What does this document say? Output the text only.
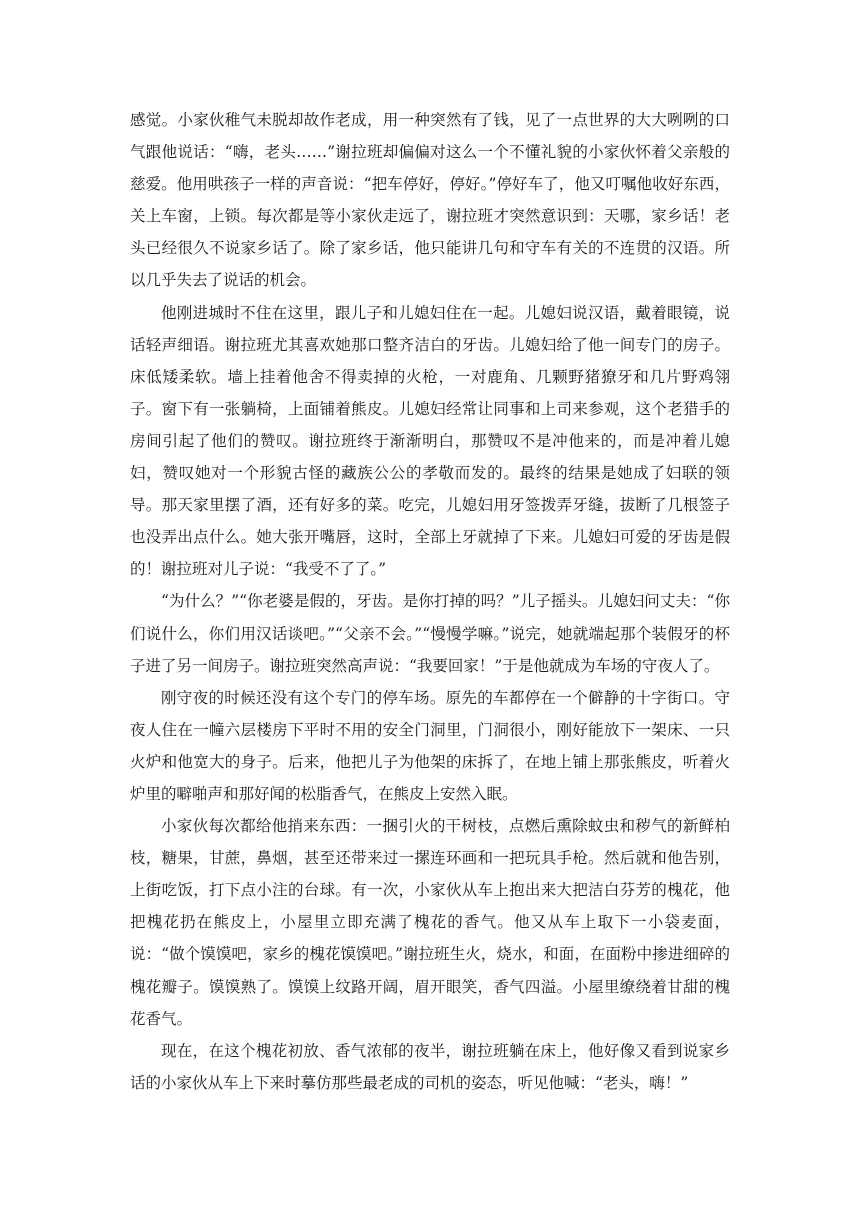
感觉。小家伙稚气未脱却故作老成，用一种突然有了钱，见了一点世界的大大咧咧的口气跟他说话：“嗨，老头……”谢拉班却偏偏对这么一个不懂礼貌的小家伙怀着父亲般的慈爱。他用哄孩子一样的声音说：“把车停好，停好。”停好车了，他又叮嘱他收好东西，关上车窗，上锁。每次都是等小家伙走远了，谢拉班才突然意识到：天哪，家乡话！老头已经很久不说家乡话了。除了家乡话，他只能讲几句和守车有关的不连贯的汉语。所以几乎失去了说话的机会。

他刚进城时不住在这里，跟儿子和儿媳妇住在一起。儿媳妇说汉语，戴着眼镜，说话轻声细语。谢拉班尤其喜欢她那口整齐洁白的牙齿。儿媳妇给了他一间专门的房子。床低矮柔软。墙上挂着他舍不得卖掉的火枪，一对鹿角、几颗野猪獠牙和几片野鸡翎子。窗下有一张躺椅，上面铺着熊皮。儿媳妇经常让同事和上司来参观，这个老猎手的房间引起了他们的赞叹。谢拉班终于渐渐明白，那赞叹不是冲他来的，而是冲着儿媳妇，赞叹她对一个形貌古怪的藏族公公的孝敬而发的。最终的结果是她成了妇联的领导。那天家里摆了酒，还有好多的菜。吃完，儿媳妇用牙签拨弄牙缝，拔断了几根签子也没弄出点什么。她大张开嘴唇，这时，全部上牙就掉了下来。儿媳妇可爱的牙齿是假的！谢拉班对儿子说：“我受不了了。”

“为什么？”“你老婆是假的，牙齿。是你打掉的吗？”儿子摇头。儿媳妇问丈夫：“你们说什么，你们用汉话谈吧。”“父亲不会。”“慢慢学嘛。”说完，她就端起那个装假牙的杯子进了另一间房子。谢拉班突然高声说：“我要回家！”于是他就成为车场的守夜人了。

刚守夜的时候还没有这个专门的停车场。原先的车都停在一个僻静的十字街口。守夜人住在一幢六层楼房下平时不用的安全门洞里，门洞很小，刚好能放下一架床、一只火炉和他宽大的身子。后来，他把儿子为他架的床拆了，在地上铺上那张熊皮，听着火炉里的噼啪声和那好闻的松脂香气，在熊皮上安然入眠。

小家伙每次都给他捎来东西：一捆引火的干树枝，点燃后熏除蚊虫和秽气的新鲜柏枝，糖果，甘蔗，鼻烟，甚至还带来过一摞连环画和一把玩具手枪。然后就和他告别，上街吃饭，打下点小注的台球。有一次，小家伙从车上抱出来大把洁白芬芳的槐花，他把槐花扔在熊皮上，小屋里立即充满了槐花的香气。他又从车上取下一小袋麦面，说：“做个馍馍吧，家乡的槐花馍馍吧。”谢拉班生火，烧水，和面，在面粉中掺进细碎的槐花瓣子。馍馍熟了。馍馍上纹路开阔，眉开眼笑，香气四溢。小屋里缭绕着甘甜的槐花香气。

现在，在这个槐花初放、香气浓郁的夜半，谢拉班躺在床上，他好像又看到说家乡话的小家伙从车上下来时摹仿那些最老成的司机的姿态，听见他喊：“老头，嗨！”
